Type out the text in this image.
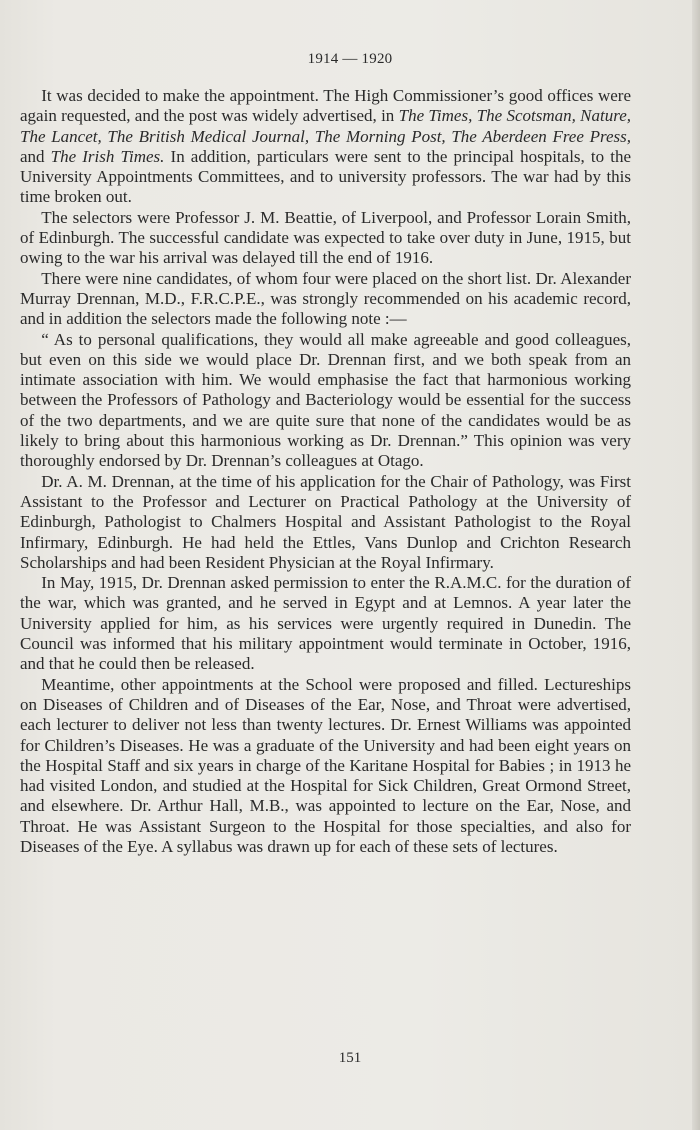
1914 — 1920

It was decided to make the appointment. The High Commissioner’s good offices were again requested, and the post was widely advertised, in The Times, The Scotsman, Nature, The Lancet, The British Medical Journal, The Morning Post, The Aberdeen Free Press, and The Irish Times. In addition, particulars were sent to the principal hospitals, to the University Appointments Committees, and to university professors. The war had by this time broken out.

The selectors were Professor J. M. Beattie, of Liverpool, and Professor Lorain Smith, of Edinburgh. The successful candidate was expected to take over duty in June, 1915, but owing to the war his arrival was delayed till the end of 1916.

There were nine candidates, of whom four were placed on the short list. Dr. Alexander Murray Drennan, M.D., F.R.C.P.E., was strongly recommended on his academic record, and in addition the selectors made the following note :—

“ As to personal qualifications, they would all make agreeable and good colleagues, but even on this side we would place Dr. Drennan first, and we both speak from an intimate association with him. We would emphasise the fact that harmonious working between the Professors of Pathology and Bacteriology would be essential for the success of the two departments, and we are quite sure that none of the candidates would be as likely to bring about this harmonious working as Dr. Drennan.” This opinion was very thoroughly endorsed by Dr. Drennan’s colleagues at Otago.

Dr. A. M. Drennan, at the time of his application for the Chair of Pathology, was First Assistant to the Professor and Lecturer on Practical Pathology at the University of Edinburgh, Pathologist to Chalmers Hospital and Assistant Pathologist to the Royal Infirmary, Edinburgh. He had held the Ettles, Vans Dunlop and Crichton Research Scholarships and had been Resident Physician at the Royal Infirmary.

In May, 1915, Dr. Drennan asked permission to enter the R.A.M.C. for the duration of the war, which was granted, and he served in Egypt and at Lemnos. A year later the University applied for him, as his services were urgently required in Dunedin. The Council was informed that his military appointment would terminate in October, 1916, and that he could then be released.

Meantime, other appointments at the School were proposed and filled. Lectureships on Diseases of Children and of Diseases of the Ear, Nose, and Throat were advertised, each lecturer to deliver not less than twenty lectures. Dr. Ernest Williams was appointed for Children’s Diseases. He was a graduate of the University and had been eight years on the Hospital Staff and six years in charge of the Karitane Hospital for Babies ; in 1913 he had visited London, and studied at the Hospital for Sick Children, Great Ormond Street, and elsewhere. Dr. Arthur Hall, M.B., was appointed to lecture on the Ear, Nose, and Throat. He was Assistant Surgeon to the Hospital for those specialties, and also for Diseases of the Eye. A syllabus was drawn up for each of these sets of lectures.

151
